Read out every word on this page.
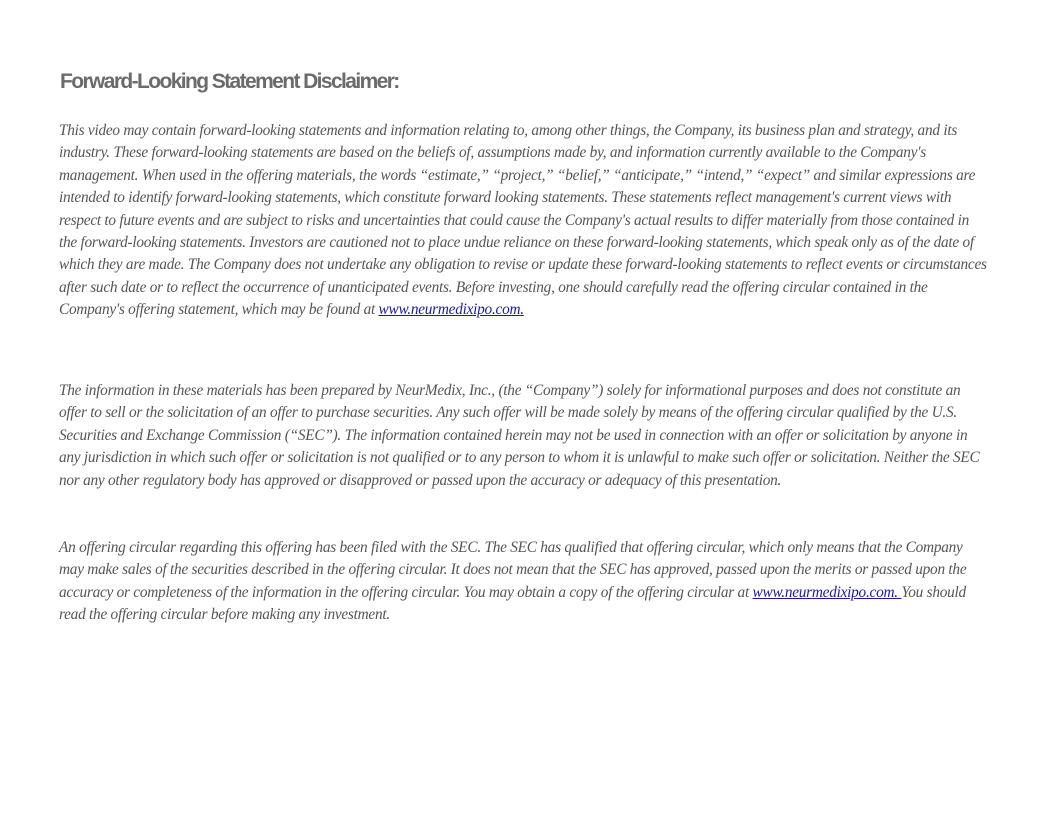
Forward-Looking Statement Disclaimer:

This video may contain forward-looking statements and information relating to, among other things, the Company, its business plan and strategy, and its industry. These forward-looking statements are based on the beliefs of, assumptions made by, and information currently available to the Company's management. When used in the offering materials, the words “estimate,” “project,” “belief,” “anticipate,” “intend,” “expect” and similar expressions are intended to identify forward-looking statements, which constitute forward looking statements. These statements reflect management's current views with respect to future events and are subject to risks and uncertainties that could cause the Company's actual results to differ materially from those contained in the forward-looking statements. Investors are cautioned not to place undue reliance on these forward-looking statements, which speak only as of the date of which they are made. The Company does not undertake any obligation to revise or update these forward-looking statements to reflect events or circumstances after such date or to reflect the occurrence of unanticipated events. Before investing, one should carefully read the offering circular contained in the Company's offering statement, which may be found at www.neurmedixipo.com.

The information in these materials has been prepared by NeurMedix, Inc., (the “Company”) solely for informational purposes and does not constitute an offer to sell or the solicitation of an offer to purchase securities. Any such offer will be made solely by means of the offering circular qualified by the U.S. Securities and Exchange Commission (“SEC”). The information contained herein may not be used in connection with an offer or solicitation by anyone in any jurisdiction in which such offer or solicitation is not qualified or to any person to whom it is unlawful to make such offer or solicitation. Neither the SEC nor any other regulatory body has approved or disapproved or passed upon the accuracy or adequacy of this presentation.

An offering circular regarding this offering has been filed with the SEC. The SEC has qualified that offering circular, which only means that the Company may make sales of the securities described in the offering circular. It does not mean that the SEC has approved, passed upon the merits or passed upon the accuracy or completeness of the information in the offering circular. You may obtain a copy of the offering circular at www.neurmedixipo.com. You should read the offering circular before making any investment.
